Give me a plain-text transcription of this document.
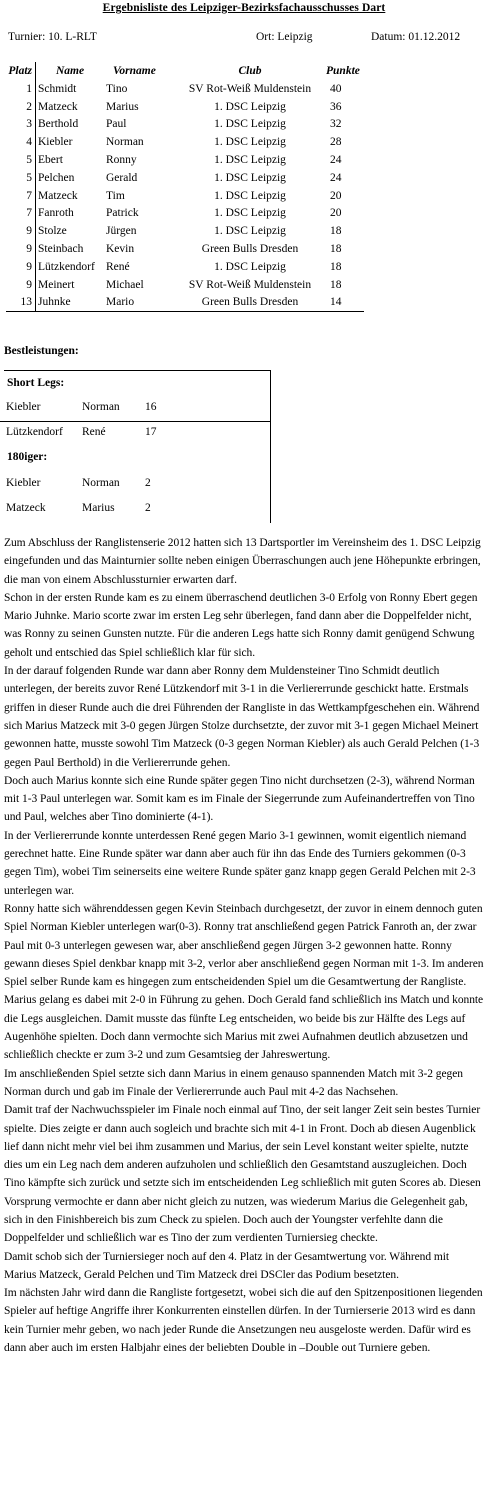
Ergebnisliste des Leipziger-Bezirksfachausschusses Dart
Turnier: 10. L-RLT	Ort: Leipzig	Datum: 01.12.2012
Platz	Name	Vorname	Club	Punkte
1	Schmidt	Tino	SV Rot-Weiß Muldenstein	40
2	Matzeck	Marius	1. DSC Leipzig	36
3	Berthold	Paul	1. DSC Leipzig	32
4	Kiebler	Norman	1. DSC Leipzig	28
5	Ebert	Ronny	1. DSC Leipzig	24
5	Pelchen	Gerald	1. DSC Leipzig	24
7	Matzeck	Tim	1. DSC Leipzig	20
7	Fanroth	Patrick	1. DSC Leipzig	20
9	Stolze	Jürgen	1. DSC Leipzig	18
9	Steinbach	Kevin	Green Bulls Dresden	18
9	Lützkendorf	René	1. DSC Leipzig	18
9	Meinert	Michael	SV Rot-Weiß Muldenstein	18
13	Juhnke	Mario	Green Bulls Dresden	14
Bestleistungen:
Short Legs:
Kiebler	Norman 16
Lützkendorf René	17
180iger:
Kiebler	Norman 2
Matzeck	Marius	2

Zum Abschluss der Ranglistenserie 2012 hatten sich 13 Dartsportler im Vereinsheim des 1. DSC Leipzig eingefunden und das Mainturnier sollte neben einigen Überraschungen auch jene Höhepunkte erbringen, die man von einem Abschlussturnier erwarten darf.

Schon in der ersten Runde kam es zu einem überraschend deutlichen 3-0 Erfolg von Ronny Ebert gegen Mario Juhnke. Mario scorte zwar im ersten Leg sehr überlegen, fand dann aber die Doppelfelder nicht, was Ronny zu seinen Gunsten nutzte. Für die anderen Legs hatte sich Ronny damit genügend Schwung geholt und entschied das Spiel schließlich klar für sich.

In der darauf folgenden Runde war dann aber Ronny dem Muldensteiner Tino Schmidt deutlich unterlegen, der bereits zuvor René Lützkendorf mit 3-1 in die Verliererrunde geschickt hatte. Erstmals griffen in dieser Runde auch die drei Führenden der Rangliste in das Wettkampfgeschehen ein. Während sich Marius Matzeck mit 3-0 gegen Jürgen Stolze durchsetzte, der zuvor mit 3-1 gegen Michael Meinert gewonnen hatte, musste sowohl Tim Matzeck (0-3 gegen Norman Kiebler) als auch Gerald Pelchen (1-3 gegen Paul Berthold) in die Verliererrunde gehen.

Doch auch Marius konnte sich eine Runde später gegen Tino nicht durchsetzen (2-3), während Norman mit 1-3 Paul unterlegen war. Somit kam es im Finale der Siegerrunde zum Aufeinandertreffen von Tino und Paul, welches aber Tino dominierte (4-1).

In der Verliererrunde konnte unterdessen René gegen Mario 3-1 gewinnen, womit eigentlich niemand gerechnet hatte. Eine Runde später war dann aber auch für ihn das Ende des Turniers gekommen (0-3 gegen Tim), wobei Tim seinerseits eine weitere Runde später ganz knapp gegen Gerald Pelchen mit 2-3 unterlegen war.

Ronny hatte sich währenddessen gegen Kevin Steinbach durchgesetzt, der zuvor in einem dennoch guten Spiel Norman Kiebler unterlegen war(0-3). Ronny trat anschließend gegen Patrick Fanroth an, der zwar Paul mit 0-3 unterlegen gewesen war, aber anschließend gegen Jürgen 3-2 gewonnen hatte. Ronny gewann dieses Spiel denkbar knapp mit 3-2, verlor aber anschließend gegen Norman mit 1-3. Im anderen Spiel selber Runde kam es hingegen zum entscheidenden Spiel um die Gesamtwertung der Rangliste. Marius gelang es dabei mit 2-0 in Führung zu gehen. Doch Gerald fand schließlich ins Match und konnte die Legs ausgleichen. Damit musste das fünfte Leg entscheiden, wo beide bis zur Hälfte des Legs auf Augenhöhe spielten. Doch dann vermochte sich Marius mit zwei Aufnahmen deutlich abzusetzen und schließlich checkte er zum 3-2 und zum Gesamtsieg der Jahreswertung.

Im anschließenden Spiel setzte sich dann Marius in einem genauso spannenden Match mit 3-2 gegen Norman durch und gab im Finale der Verliererrunde auch Paul mit 4-2 das Nachsehen.

Damit traf der Nachwuchsspieler im Finale noch einmal auf Tino, der seit langer Zeit sein bestes Turnier spielte. Dies zeigte er dann auch sogleich und brachte sich mit 4-1 in Front. Doch ab diesen Augenblick lief dann nicht mehr viel bei ihm zusammen und Marius, der sein Level konstant weiter spielte, nutzte dies um ein Leg nach dem anderen aufzuholen und schließlich den Gesamtstand auszugleichen. Doch Tino kämpfte sich zurück und setzte sich im entscheidenden Leg schließlich mit guten Scores ab. Diesen Vorsprung vermochte er dann aber nicht gleich zu nutzen, was wiederum Marius die Gelegenheit gab, sich in den Finishbereich bis zum Check zu spielen. Doch auch der Youngster verfehlte dann die Doppelfelder und schließlich war es Tino der zum verdienten Turniersieg checkte.

Damit schob sich der Turniersieger noch auf den 4. Platz in der Gesamtwertung vor. Während mit Marius Matzeck, Gerald Pelchen und Tim Matzeck drei DSCler das Podium besetzten.

Im nächsten Jahr wird dann die Rangliste fortgesetzt, wobei sich die auf den Spitzenpositionen liegenden Spieler auf heftige Angriffe ihrer Konkurrenten einstellen dürfen. In der Turnierserie 2013 wird es dann kein Turnier mehr geben, wo nach jeder Runde die Ansetzungen neu ausgeloste werden. Dafür wird es dann aber auch im ersten Halbjahr eines der beliebten Double in –Double out Turniere geben.
